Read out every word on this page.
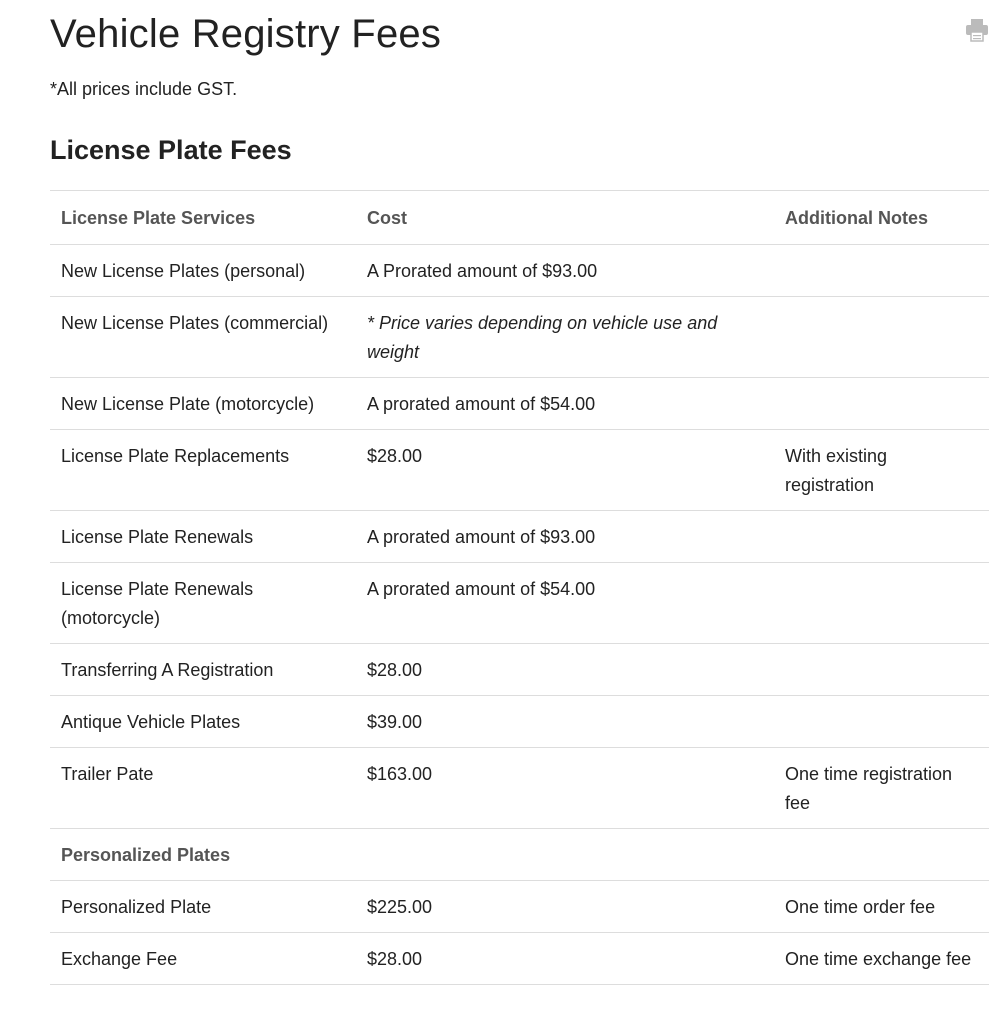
Vehicle Registry Fees
*All prices include GST.
License Plate Fees
License Plate Services	Cost	Additional Notes
New License Plates (personal)	A Prorated amount of $93.00	
New License Plates (commercial)	* Price varies depending on vehicle use and weight	
New License Plate (motorcycle)	A prorated amount of $54.00	
License Plate Replacements	$28.00	With existing registration
License Plate Renewals	A prorated amount of $93.00	
License Plate Renewals (motorcycle)	A prorated amount of $54.00	
Transferring A Registration	$28.00	
Antique Vehicle Plates	$39.00	
Trailer Pate	$163.00	One time registration fee
Personalized Plates		
Personalized Plate	$225.00	One time order fee
Exchange Fee	$28.00	One time exchange fee
